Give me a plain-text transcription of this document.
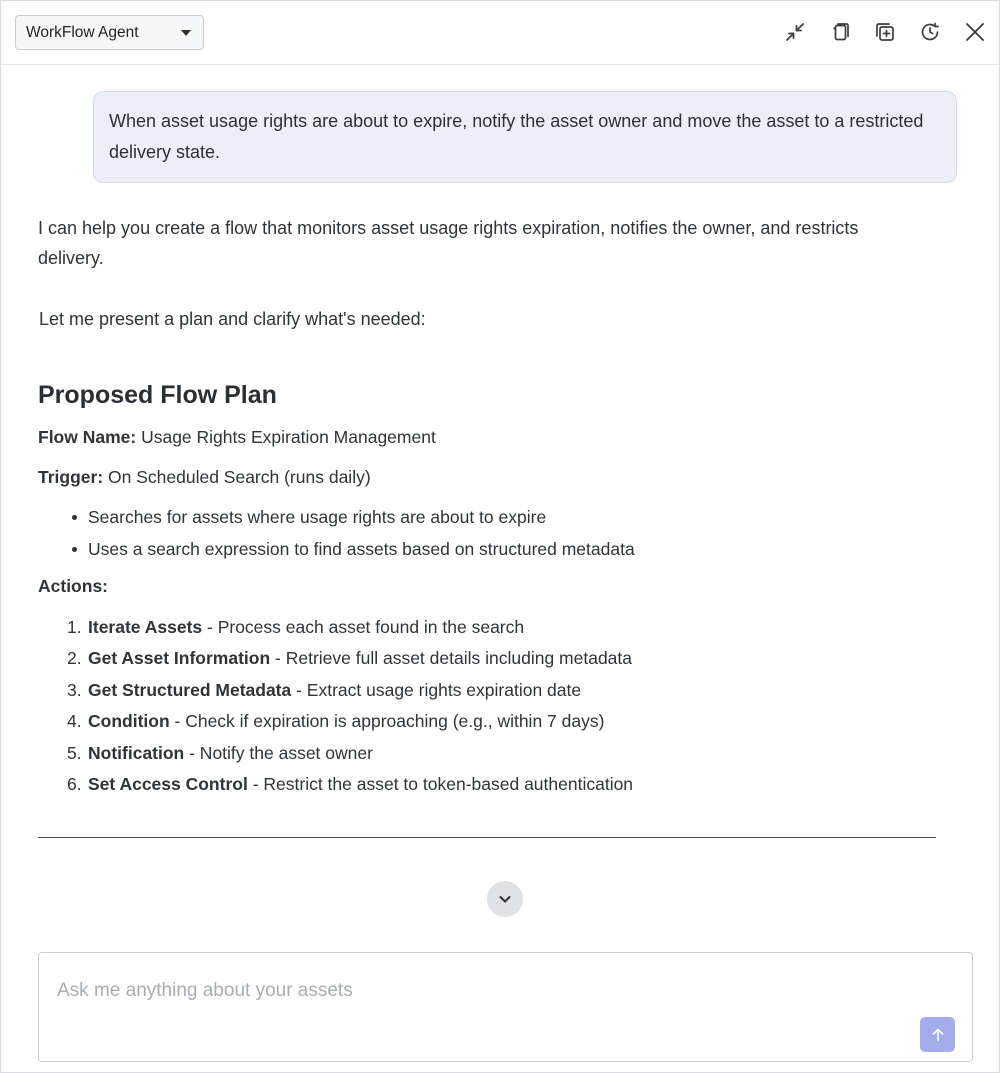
WorkFlow Agent
When asset usage rights are about to expire, notify the asset owner and move the asset to a restricted delivery state.

I can help you create a flow that monitors asset usage rights expiration, notifies the owner, and restricts delivery.

Let me present a plan and clarify what's needed:

Proposed Flow Plan

Flow Name: Usage Rights Expiration Management

Trigger: On Scheduled Search (runs daily)

Searches for assets where usage rights are about to expire
Uses a search expression to find assets based on structured metadata

Actions:

1. Iterate Assets - Process each asset found in the search
2. Get Asset Information - Retrieve full asset details including metadata
3. Get Structured Metadata - Extract usage rights expiration date
4. Condition - Check if expiration is approaching (e.g., within 7 days)
5. Notification - Notify the asset owner
6. Set Access Control - Restrict the asset to token-based authentication
Ask me anything about your assets
